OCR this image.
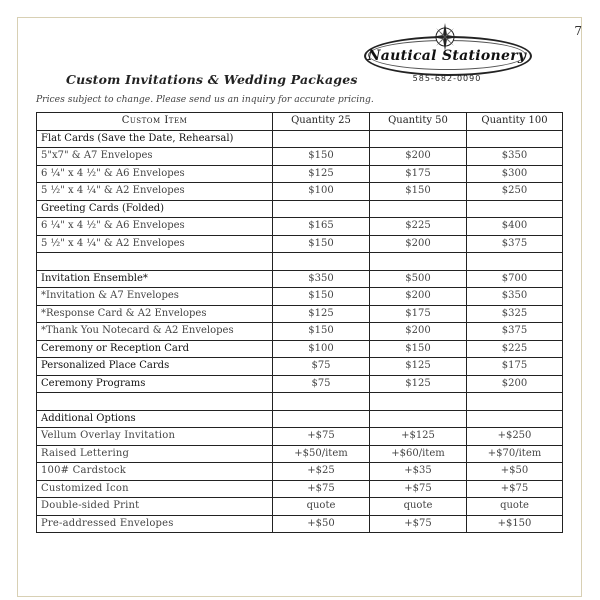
7
Nautical Stationery
585-682-0090
Custom Invitations & Wedding Packages
Prices subject to change. Please send us an inquiry for accurate pricing.
Custom Item	Quantity 25	Quantity 50	Quantity 100
Flat Cards (Save the Date, Rehearsal)			
5"x7" & A7 Envelopes	$150	$200	$350
6 ¼" x 4 ½" & A6 Envelopes	$125	$175	$300
5 ½" x 4 ¼" & A2 Envelopes	$100	$150	$250
Greeting Cards (Folded)			
6 ¼" x 4 ½" & A6 Envelopes	$165	$225	$400
5 ½" x 4 ¼" & A2 Envelopes	$150	$200	$375

Invitation Ensemble*	$350	$500	$700
*Invitation & A7 Envelopes	$150	$200	$350
*Response Card & A2 Envelopes	$125	$175	$325
*Thank You Notecard & A2 Envelopes	$150	$200	$375
Ceremony or Reception Card	$100	$150	$225
Personalized Place Cards	$75	$125	$175
Ceremony Programs	$75	$125	$200

Additional Options			
Vellum Overlay Invitation	+$75	+$125	+$250
Raised Lettering	+$50/item	+$60/item	+$70/item
100# Cardstock	+$25	+$35	+$50
Customized Icon	+$75	+$75	+$75
Double-sided Print	quote	quote	quote
Pre-addressed Envelopes	+$50	+$75	+$150
